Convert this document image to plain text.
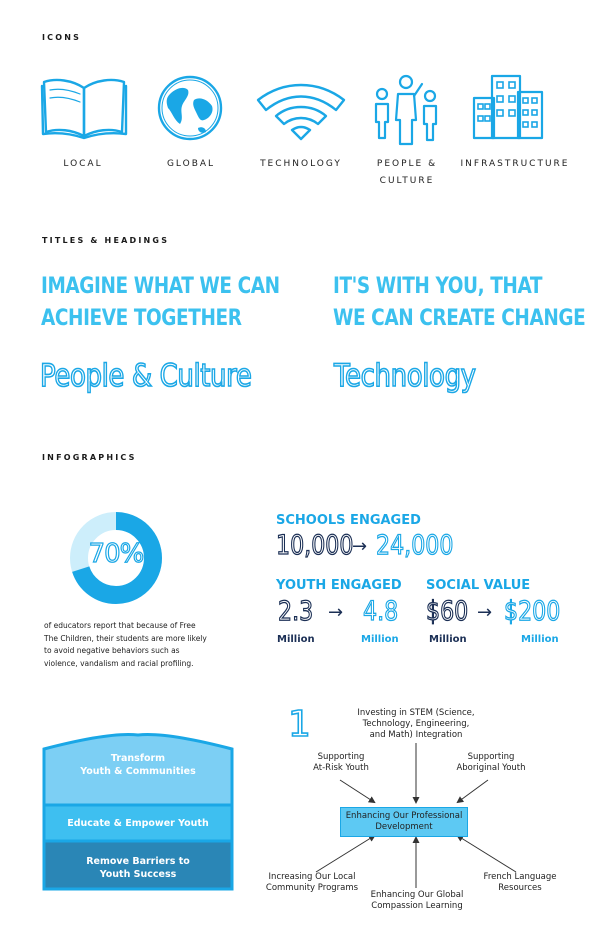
ICONS
TITLES & HEADINGS
INFOGRAPHICS
LOCAL	GLOBAL	TECHNOLOGY	PEOPLE &
CULTURE
INFRASTRUCTURE
IMAGINE WHAT WE CAN
ACHIEVE TOGETHER
IT'S WITH YOU, THAT
WE CAN CREATE CHANGE
People & Culture	Technology
70%
of educators report that because of Free The Children, their students are more likely to avoid negative behaviors such as violence, vandalism and racial profiling.
SCHOOLS ENGAGED
10,000
→ 24,000
YOUTH ENGAGED
2.3 → 4.8
Million	Million
SOCIAL VALUE
$60 → $200
Million	Million
Transform
Youth & Communities
Educate & Empower Youth
Remove Barriers to
Youth Success
1	Investing in STEM (Science,
Technology, Engineering,
and Math) Integration
Supporting
At-Risk Youth
Supporting
Aboriginal Youth
Enhancing Our Professional
Development
Increasing Our Local
Community Programs
Enhancing Our Global
Compassion Learning
French Language
Resources
